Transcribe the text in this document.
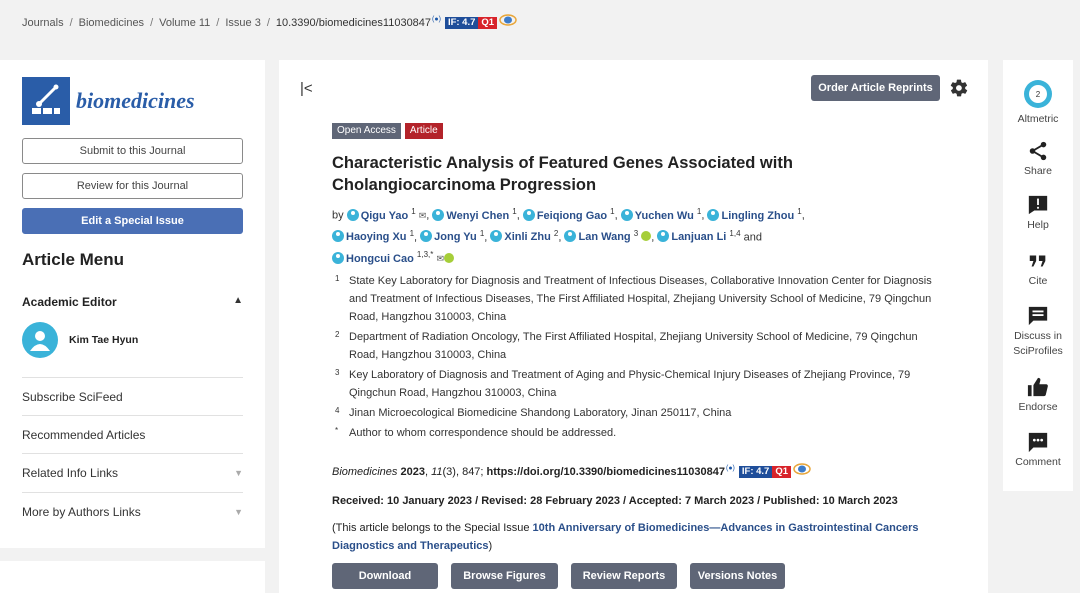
Journals / Biomedicines / Volume 11 / Issue 3 / 10.3390/biomedicines11030847 (●) IF: 4.7 Q1
biomedicines
Submit to this Journal
Review for this Journal
Edit a Special Issue
Article Menu
Academic Editor	▲
Kim Tae Hyun
Subscribe SciFeed
Recommended Articles
Related Info Links	▼
More by Authors Links	▼
|<	Order Article Reprints
Open Access	Article
Characteristic Analysis of Featured Genes Associated with Cholangiocarcinoma Progression
by Qigu Yao $^1$ ✉, Wenyi Chen $^1$, Feiqiong Gao $^1$, Yuchen Wu $^1$, Lingling Zhou $^1$,
Haoying Xu $^1$, Jong Yu $^1$, Xinli Zhu $^2$, Lan Wang $^3$ , Lanjuan Li $^{1,4}$ and
Hongcui Cao $^{1,3,*}$ ✉
1 State Key Laboratory for Diagnosis and Treatment of Infectious Diseases, Collaborative Innovation Center for Diagnosis and Treatment of Infectious Diseases, The First Affiliated Hospital, Zhejiang University School of Medicine, 79 Qingchun Road, Hangzhou 310003, China
2 Department of Radiation Oncology, The First Affiliated Hospital, Zhejiang University School of Medicine, 79 Qingchun Road, Hangzhou 310003, China
3 Key Laboratory of Diagnosis and Treatment of Aging and Physic-Chemical Injury Diseases of Zhejiang Province, 79 Qingchun Road, Hangzhou 310003, China
4 Jinan Microecological Biomedicine Shandong Laboratory, Jinan 250117, China
* Author to whom correspondence should be addressed.
Biomedicines
2023 , 11 (3), 847;
https://doi.org/10.3390/biomedicines11030847 (●) IF: 4.7 Q1
Received: 10 January 2023 / Revised: 28 February 2023 / Accepted: 7 March 2023 / Published: 10 March 2023
(This article belongs to the Special Issue 10th Anniversary of Biomedicines—Advances in Gastrointestinal Cancers Diagnostics and Therapeutics)
Download	Browse Figures	Review Reports	Versions Notes
2
Altmetric
Share
Help
Cite
Discuss in SciProfiles
Endorse
Comment
